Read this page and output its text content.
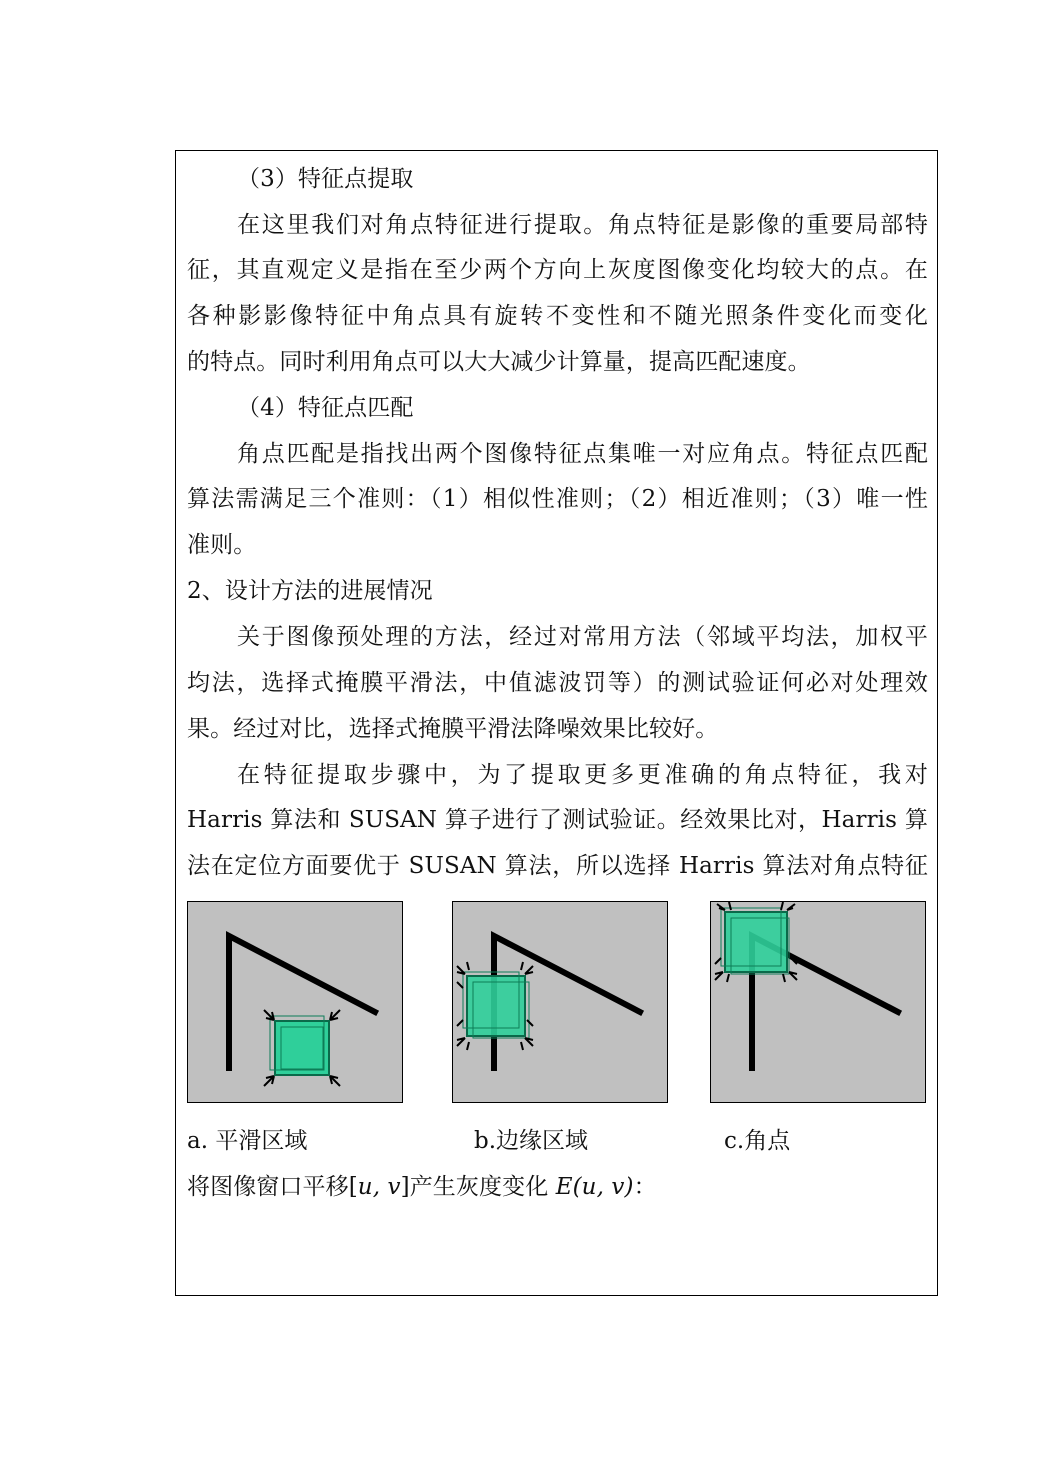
（3）特征点提取
在这里我们对角点特征进行提取。角点特征是影像的重要局部特
征，其直观定义是指在至少两个方向上灰度图像变化均较大的点。在
各种影影像特征中角点具有旋转不变性和不随光照条件变化而变化
的特点。同时利用角点可以大大减少计算量，提高匹配速度。
（4）特征点匹配
角点匹配是指找出两个图像特征点集唯一对应角点。特征点匹配
算法需满足三个准则：（1）相似性准则；（2）相近准则；（3）唯一性
准则。
2、设计方法的进展情况
关于图像预处理的方法，经过对常用方法（邻域平均法，加权平
均法，选择式掩膜平滑法，中值滤波罚等）的测试验证何必对处理效
果。经过对比，选择式掩膜平滑法降噪效果比较好。
在特征提取步骤中，为了提取更多更准确的角点特征，我对
Harris 算法和 SUSAN 算子进行了测试验证。经效果比对，Harris 算
法在定位方面要优于 SUSAN 算法，所以选择 Harris 算法对角点特征
a. 平滑区域	b.边缘区域	c.角点
将图像窗口平移[u, v]产生灰度变化 E(u, v)：
